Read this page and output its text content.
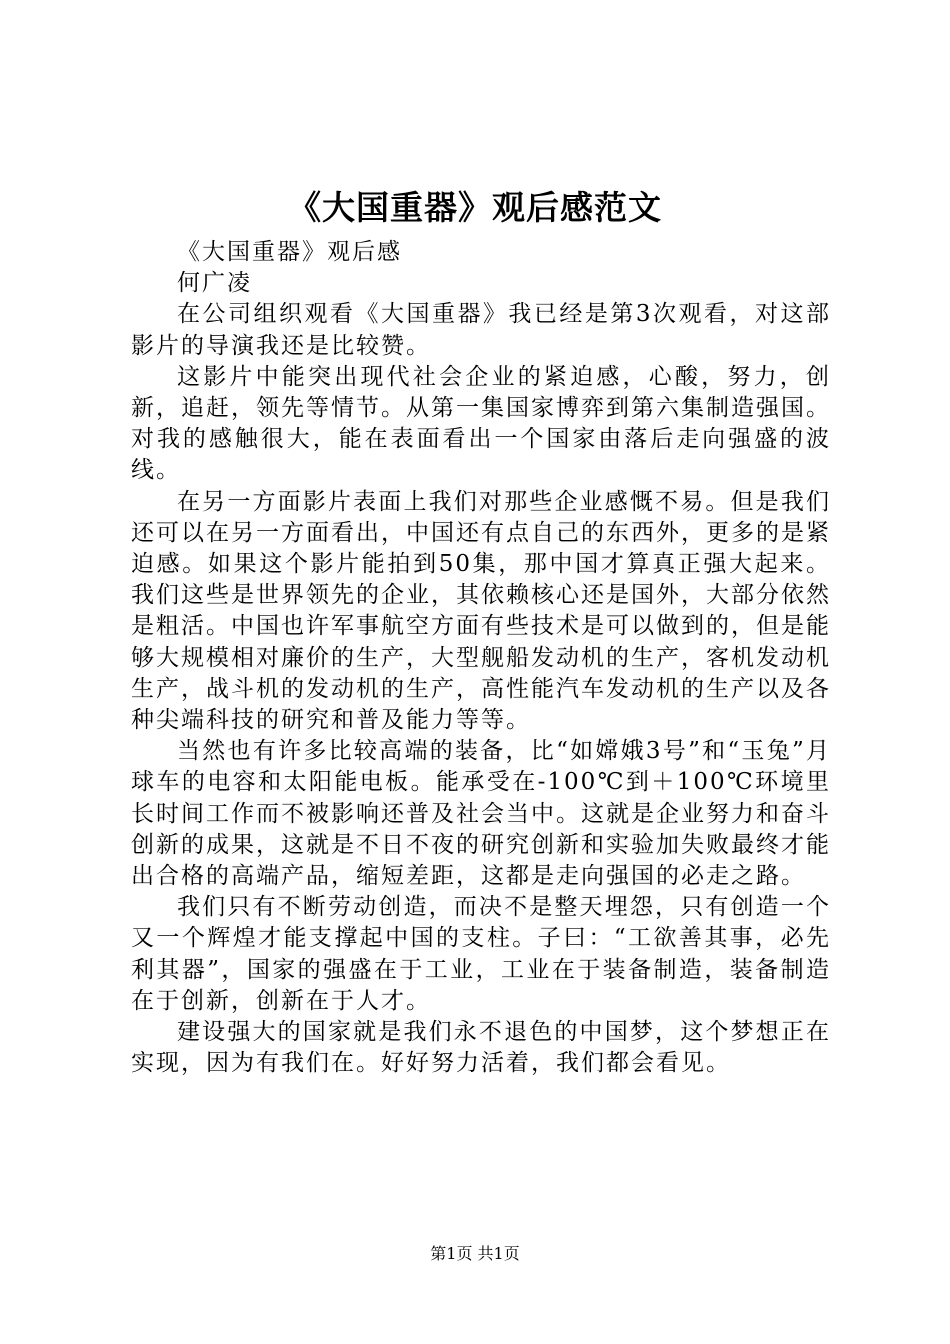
《大国重器》观后感范文

《大国重器》观后感

何广凌

在公司组织观看《大国重器》我已经是第3次观看，对这部影片的导演我还是比较赞。

这影片中能突出现代社会企业的紧迫感，心酸，努力，创新，追赶，领先等情节。从第一集国家博弈到第六集制造强国。对我的感触很大，能在表面看出一个国家由落后走向强盛的波线。

在另一方面影片表面上我们对那些企业感慨不易。但是我们还可以在另一方面看出，中国还有点自己的东西外，更多的是紧迫感。如果这个影片能拍到50集，那中国才算真正强大起来。我们这些是世界领先的企业，其依赖核心还是国外，大部分依然是粗活。中国也许军事航空方面有些技术是可以做到的，但是能够大规模相对廉价的生产，大型舰船发动机的生产，客机发动机生产，战斗机的发动机的生产，高性能汽车发动机的生产以及各种尖端科技的研究和普及能力等等。

当然也有许多比较高端的装备，比“如嫦娥3号”和“玉兔”月球车的电容和太阳能电板。能承受在-100℃到＋100℃环境里长时间工作而不被影响还普及社会当中。这就是企业努力和奋斗创新的成果，这就是不日不夜的研究创新和实验加失败最终才能出合格的高端产品，缩短差距，这都是走向强国的必走之路。

我们只有不断劳动创造，而决不是整天埋怨，只有创造一个又一个辉煌才能支撑起中国的支柱。子曰：“工欲善其事，必先利其器”，国家的强盛在于工业，工业在于装备制造，装备制造在于创新，创新在于人才。

建设强大的国家就是我们永不退色的中国梦，这个梦想正在实现，因为有我们在。好好努力活着，我们都会看见。

第1页 共1页
